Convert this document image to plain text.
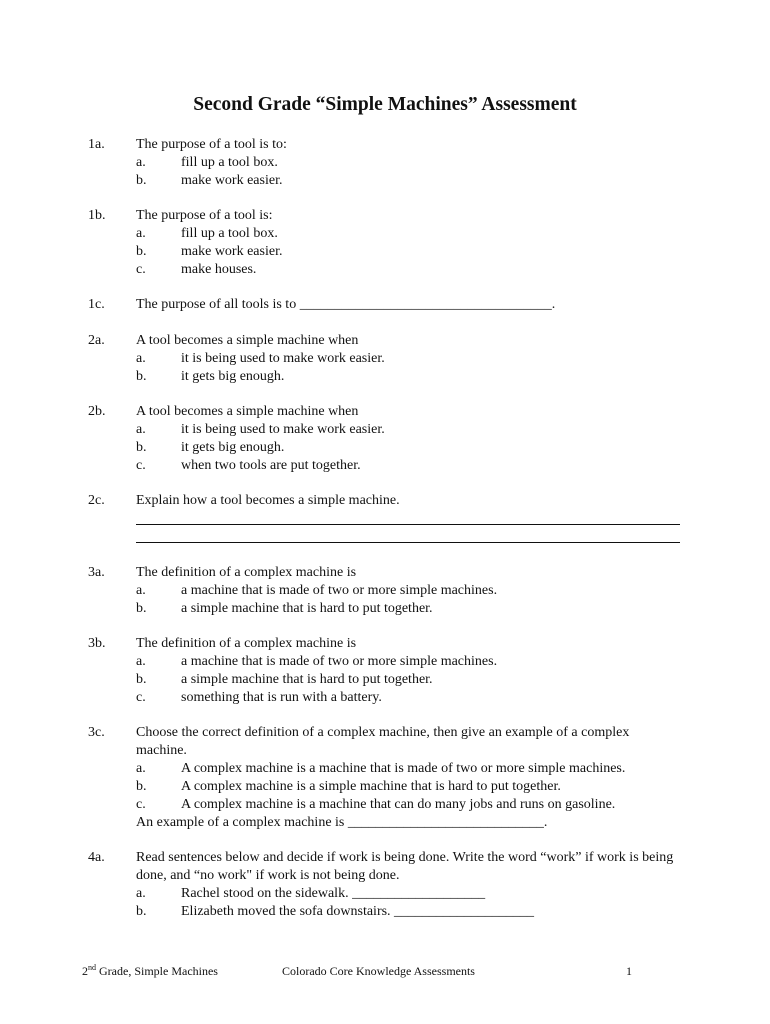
Second Grade “Simple Machines” Assessment
1a. The purpose of a tool is to:
a.	fill up a tool box.
b. make work easier.
1b. The purpose of a tool is:
a.	fill up a tool box.
b. make work easier.
c.	make houses.
1c. The purpose of all tools is to ____________________________________.
2a. A tool becomes a simple machine when
a.	it is being used to make work easier.
b. it gets big enough.
2b. A tool becomes a simple machine when
a.	it is being used to make work easier.
b. it gets big enough.
c.	when two tools are put together.
2c. Explain how a tool becomes a simple machine.
3a. The definition of a complex machine is
a.	a machine that is made of two or more simple machines.
b. a simple machine that is hard to put together.
3b. The definition of a complex machine is
a.	a machine that is made of two or more simple machines.
b. a simple machine that is hard to put together.
c.	something that is run with a battery.
3c. Choose the correct definition of a complex machine, then give an example of a complex machine.
a.	A complex machine is a machine that is made of two or more simple machines.
b. A complex machine is a simple machine that is hard to put together.
c.	A complex machine is a machine that can do many jobs and runs on gasoline.
An example of a complex machine is ____________________________.
4a. Read sentences below and decide if work is being done. Write the word “work” if work is being done, and “no work" if work is not being done.
a.	Rachel stood on the sidewalk. ___________________
b. Elizabeth moved the sofa downstairs. ____________________
2nd Grade, Simple Machines	Colorado Core Knowledge Assessments	1
